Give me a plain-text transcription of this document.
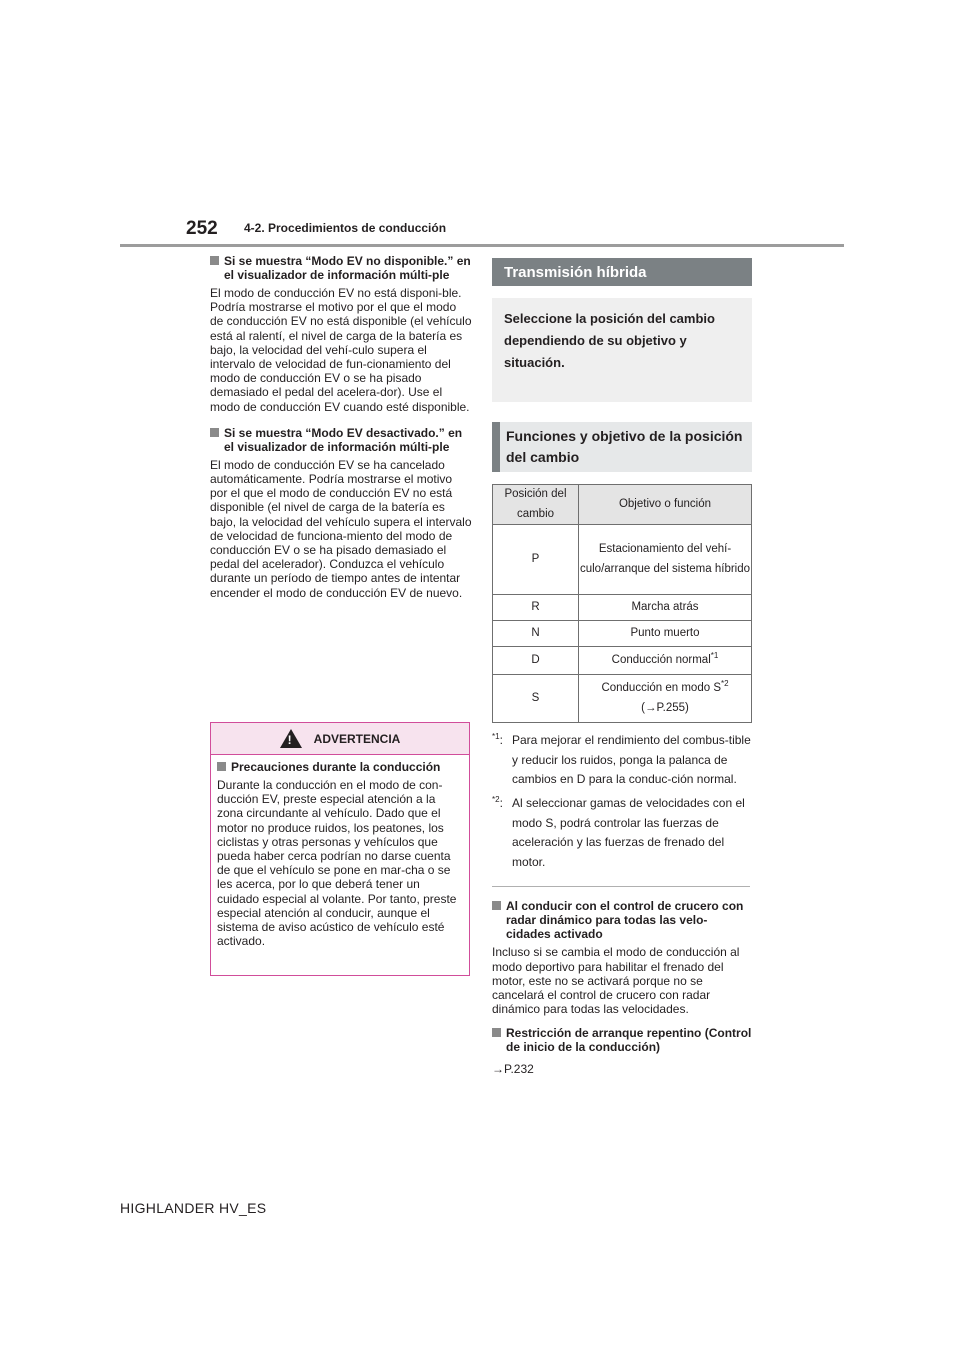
252 4-2. Procedimientos de conducción
Si se muestra “Modo EV no disponible.” en el visualizador de información múlti-ple

El modo de conducción EV no está disponi-ble. Podría mostrarse el motivo por el que el modo de conducción EV no está disponible (el vehículo está al ralentí, el nivel de carga de la batería es bajo, la velocidad del vehí-culo supera el intervalo de velocidad de fun-cionamiento del modo de conducción EV o se ha pisado demasiado el pedal del acelera-dor). Use el modo de conducción EV cuando esté disponible.

Si se muestra “Modo EV desactivado.” en el visualizador de información múlti-ple

El modo de conducción EV se ha cancelado automáticamente. Podría mostrarse el motivo por el que el modo de conducción EV no está disponible (el nivel de carga de la batería es bajo, la velocidad del vehículo supera el intervalo de velocidad de funciona-miento del modo de conducción EV o se ha pisado demasiado el pedal del acelerador). Conduzca el vehículo durante un período de tiempo antes de intentar encender el modo de conducción EV de nuevo.

! ADVERTENCIA
Precauciones durante la conducción

Durante la conducción en el modo de con-ducción EV, preste especial atención a la zona circundante al vehículo. Dado que el motor no produce ruidos, los peatones, los ciclistas y otras personas y vehículos que pueda haber cerca podrían no darse cuenta de que el vehículo se pone en mar-cha o se les acerca, por lo que deberá tener un cuidado especial al volante. Por tanto, preste especial atención al conducir, aunque el sistema de aviso acústico de vehículo esté activado.

Transmisión híbrida
Seleccione la posición del cambio dependiendo de su objetivo y situación.
Funciones y objetivo de la posición del cambio
Posición del cambio	Objetivo o función
P	Estacionamiento del vehí-culo/arranque del sistema híbrido
R	Marcha atrás
N	Punto muerto
D	Conducción normal$^{*1}$
S	Conducción en modo $S^{*2}$
(→P.255)
$^{*1}$: Para mejorar el rendimiento del combus-tible y reducir los ruidos, ponga la palanca de cambios en D para la conduc-ción normal.
$^{*2}$: Al seleccionar gamas de velocidades con el modo S, podrá controlar las fuerzas de aceleración y las fuerzas de frenado del motor.
Al conducir con el control de crucero con radar dinámico para todas las velo-cidades activado

Incluso si se cambia el modo de conducción al modo deportivo para habilitar el frenado del motor, este no se activará porque no se cancelará el control de crucero con radar dinámico para todas las velocidades.

Restricción de arranque repentino (Control de inicio de la conducción)

→P.232

HIGHLANDER HV_ES
